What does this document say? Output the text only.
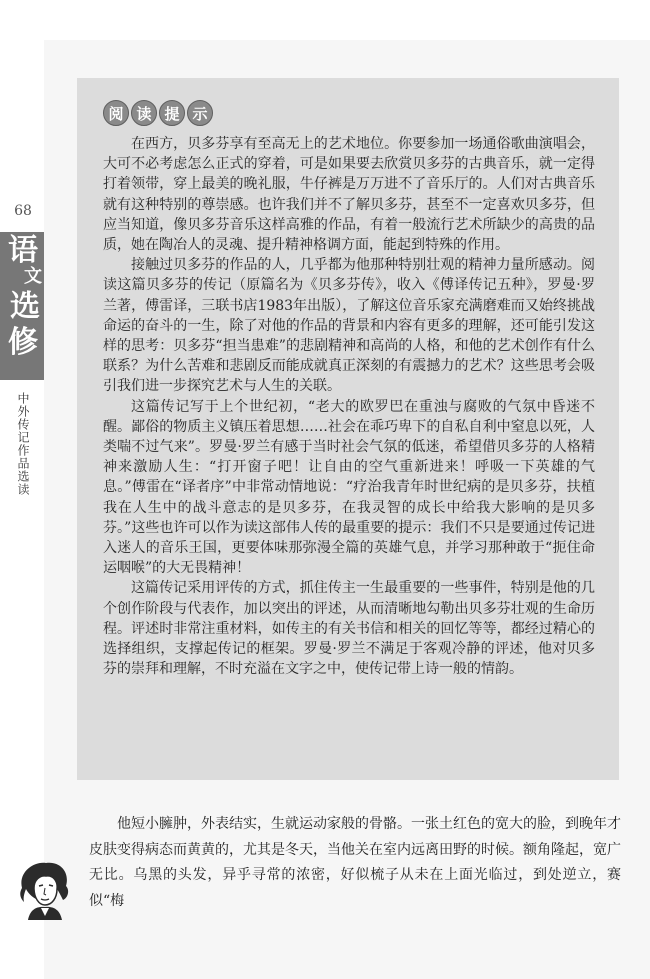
68
语
文
选
修
中外传记作品选读
阅 读 提 示

在西方，贝多芬享有至高无上的艺术地位。你要参加一场通俗歌曲演唱会，大可不必考虑怎么正式的穿着，可是如果要去欣赏贝多芬的古典音乐，就一定得打着领带，穿上最美的晚礼服，牛仔裤是万万进不了音乐厅的。人们对古典音乐就有这种特别的尊崇感。也许我们并不了解贝多芬，甚至不一定喜欢贝多芬，但应当知道，像贝多芬音乐这样高雅的作品，有着一般流行艺术所缺少的高贵的品质，她在陶冶人的灵魂、提升精神格调方面，能起到特殊的作用。

接触过贝多芬的作品的人，几乎都为他那种特别壮观的精神力量所感动。阅读这篇贝多芬的传记（原篇名为《贝多芬传》，收入《傅译传记五种》，罗曼·罗兰著，傅雷译，三联书店1983年出版），了解这位音乐家充满磨难而又始终挑战命运的奋斗的一生，除了对他的作品的背景和内容有更多的理解，还可能引发这样的思考：贝多芬“担当患难”的悲剧精神和高尚的人格，和他的艺术创作有什么联系？为什么苦难和悲剧反而能成就真正深刻的有震撼力的艺术？这些思考会吸引我们进一步探究艺术与人生的关联。

这篇传记写于上个世纪初，“老大的欧罗巴在重浊与腐败的气氛中昏迷不醒。鄙俗的物质主义镇压着思想……社会在乖巧卑下的自私自利中窒息以死，人类喘不过气来”。罗曼·罗兰有感于当时社会气氛的低迷，希望借贝多芬的人格精神来激励人生：“打开窗子吧！让自由的空气重新进来！呼吸一下英雄的气息。”傅雷在“译者序”中非常动情地说：“疗治我青年时世纪病的是贝多芬，扶植我在人生中的战斗意志的是贝多芬，在我灵智的成长中给我大影响的是贝多芬。”这些也许可以作为读这部伟人传的最重要的提示：我们不只是要通过传记进入迷人的音乐王国，更要体味那弥漫全篇的英雄气息，并学习那种敢于“扼住命运咽喉”的大无畏精神！

这篇传记采用评传的方式，抓住传主一生最重要的一些事件，特别是他的几个创作阶段与代表作，加以突出的评述，从而清晰地勾勒出贝多芬壮观的生命历程。评述时非常注重材料，如传主的有关书信和相关的回忆等等，都经过精心的选择组织，支撑起传记的框架。罗曼·罗兰不满足于客观冷静的评述，他对贝多芬的崇拜和理解，不时充溢在文字之中，使传记带上诗一般的情韵。

他短小臃肿，外表结实，生就运动家般的骨骼。一张土红色的宽大的脸，到晚年才皮肤变得病态而黄黄的，尤其是冬天，当他关在室内远离田野的时候。额角隆起，宽广无比。乌黑的头发，异乎寻常的浓密，好似梳子从未在上面光临过，到处逆立，赛似“梅
